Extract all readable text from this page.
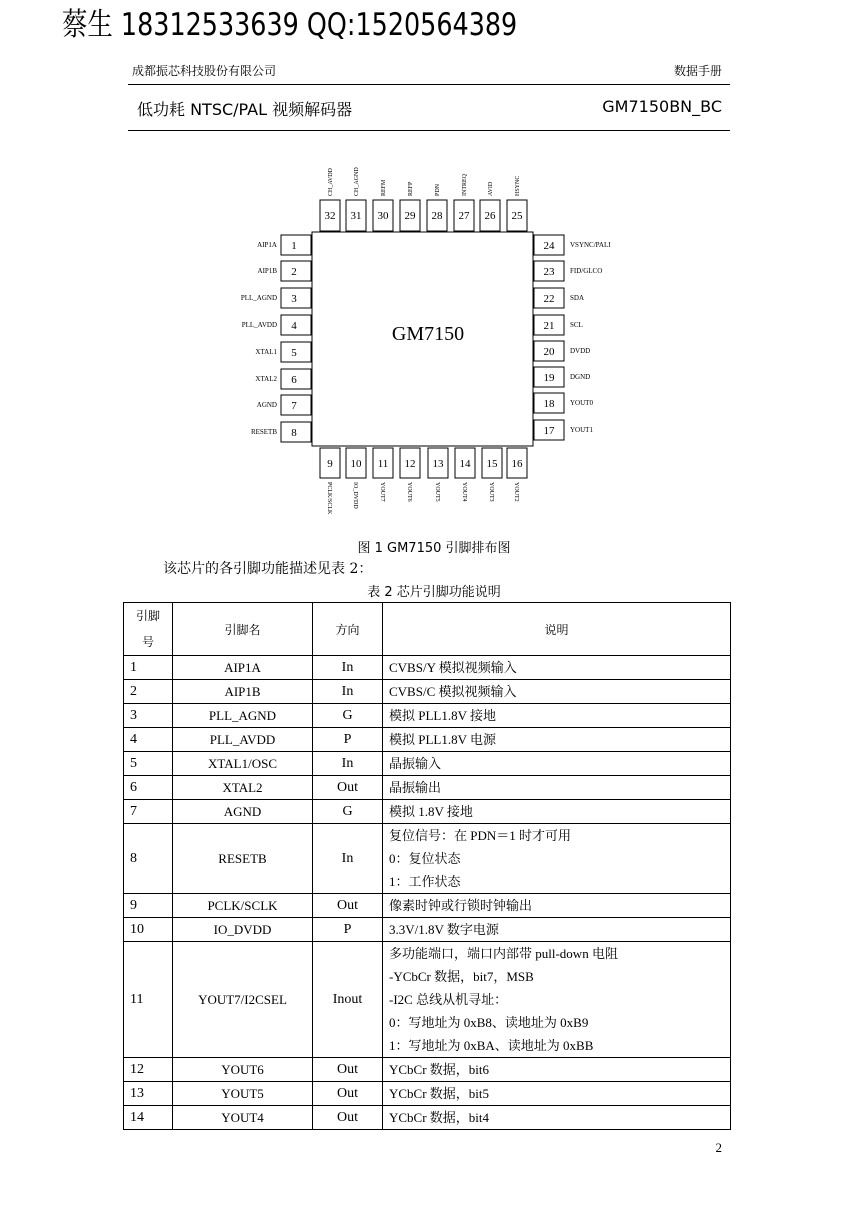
蔡生 18312533639 QQ:1520564389
成都振芯科技股份有限公司	数据手册
低功耗 NTSC/PAL 视频解码器	GM7150BN_BC
GM7150
32
CH_AVDD
31
CH_AGND
30
REFM
29
REFP
28
PDN
27
INTREQ
26
AVID
25
HSYNC
1
AIP1A
2
AIP1B
3
PLL_AGND
4
PLL_AVDD
5
XTAL1
6
XTAL2
7
AGND
8
RESETB
24 VSYNC/PALI
23 FID/GLCO
22 SDA
21 SCL
20 DVDD
19 DGND
18 YOUT0
17 YOUT1
9
PCLK/SCLK
10
IO_DVDD
11
YOUT7
12
YOUT6
13
YOUT5
14
YOUT4
15
YOUT3
16
YOUT2
图 1 GM7150 引脚排布图
该芯片的各引脚功能描述见表 2：
表 2 芯片引脚功能说明
引脚
号	引脚名	方向	说明
1	AIP1A	In	CVBS/Y 模拟视频输入

2	AIP1B	In	CVBS/C 模拟视频输入

3	PLL_AGND	G	模拟 PLL1.8V 接地

4	PLL_AVDD	P	模拟 PLL1.8V 电源

5	XTAL1/OSC	In	晶振输入

6	XTAL2	Out	晶振输出

7	AGND	G	模拟 1.8V 接地

8	RESETB	In	复位信号：在 PDN＝1 时才可用
0：复位状态
1：工作状态

9	PCLK/SCLK	Out	像素时钟或行锁时钟输出

10	IO_DVDD	P	3.3V/1.8V 数字电源

11	YOUT7/I2CSEL	Inout	多功能端口，端口内部带 pull-down 电阻
-YCbCr 数据，bit7，MSB
-I2C 总线从机寻址：
0：写地址为 0xB8、读地址为 0xB9
1：写地址为 0xBA、读地址为 0xBB

12	YOUT6	Out	YCbCr 数据，bit6

13	YOUT5	Out	YCbCr 数据，bit5

14	YOUT4	Out	YCbCr 数据，bit4
2
